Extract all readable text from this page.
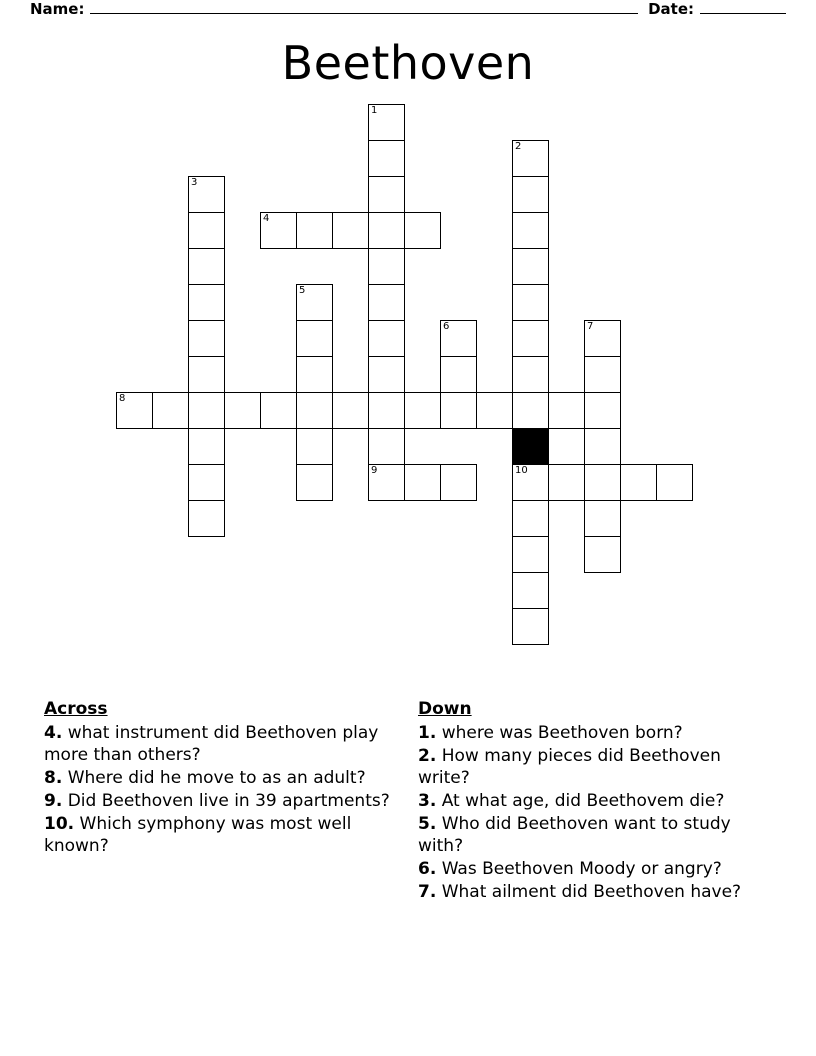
Name:	Date:
Beethoven
1
2
3
4
5
6	7
8
9	10
Across
4. what instrument did Beethoven play more than others?
8. Where did he move to as an adult?
9. Did Beethoven live in 39 apartments?
10. Which symphony was most well known?
Down
1. where was Beethoven born?
2. How many pieces did Beethoven write?
3. At what age, did Beethovem die?
5. Who did Beethoven want to study with?
6. Was Beethoven Moody or angry?
7. What ailment did Beethoven have?
